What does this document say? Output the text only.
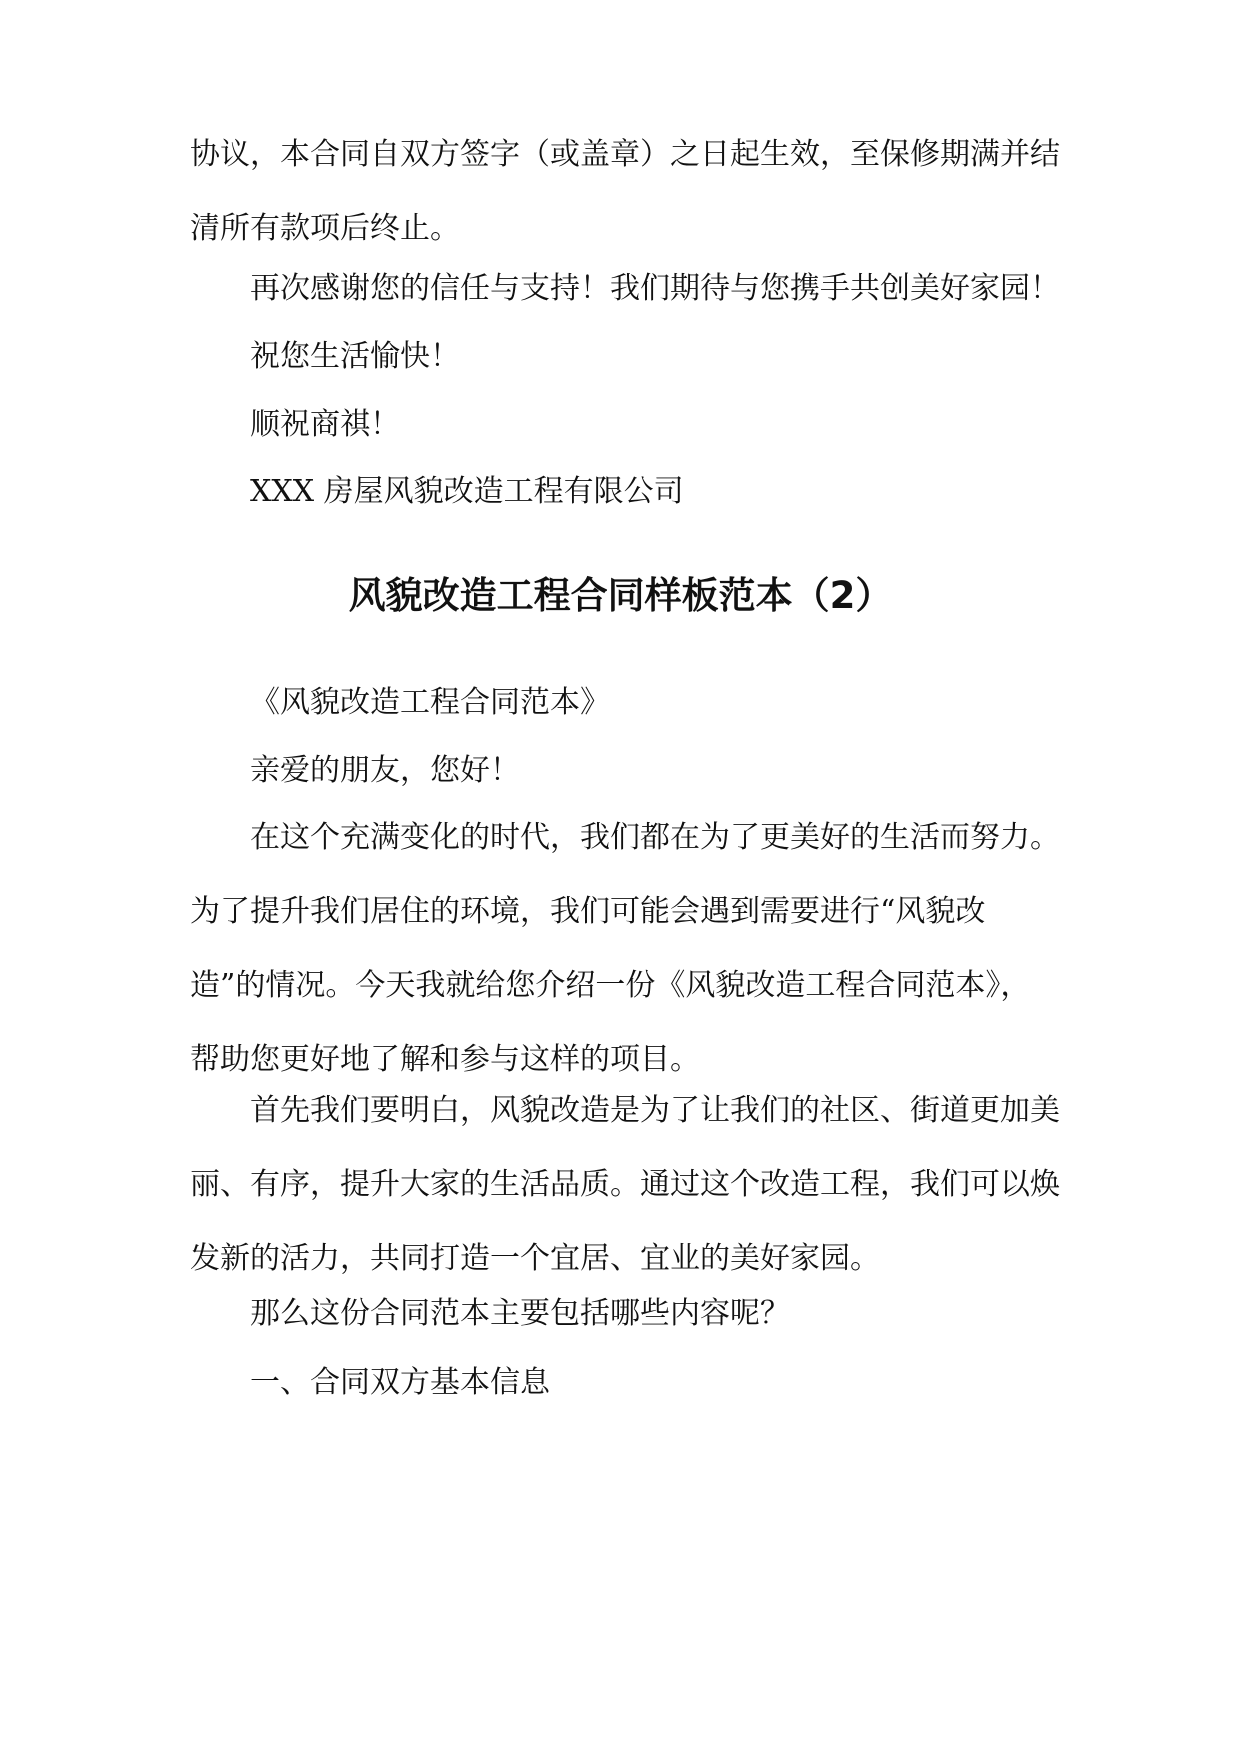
协议，本合同自双方签字（或盖章）之日起生效，至保修期满并结清所有款项后终止。

再次感谢您的信任与支持！我们期待与您携手共创美好家园！

祝您生活愉快！

顺祝商祺！

XXX 房屋风貌改造工程有限公司

风貌改造工程合同样板范本（2）

《风貌改造工程合同范本》

亲爱的朋友，您好！

在这个充满变化的时代，我们都在为了更美好的生活而努力。为了提升我们居住的环境，我们可能会遇到需要进行“风貌改造”的情况。今天我就给您介绍一份《风貌改造工程合同范本》，帮助您更好地了解和参与这样的项目。

首先我们要明白，风貌改造是为了让我们的社区、街道更加美丽、有序，提升大家的生活品质。通过这个改造工程，我们可以焕发新的活力，共同打造一个宜居、宜业的美好家园。

那么这份合同范本主要包括哪些内容呢？

一、合同双方基本信息
